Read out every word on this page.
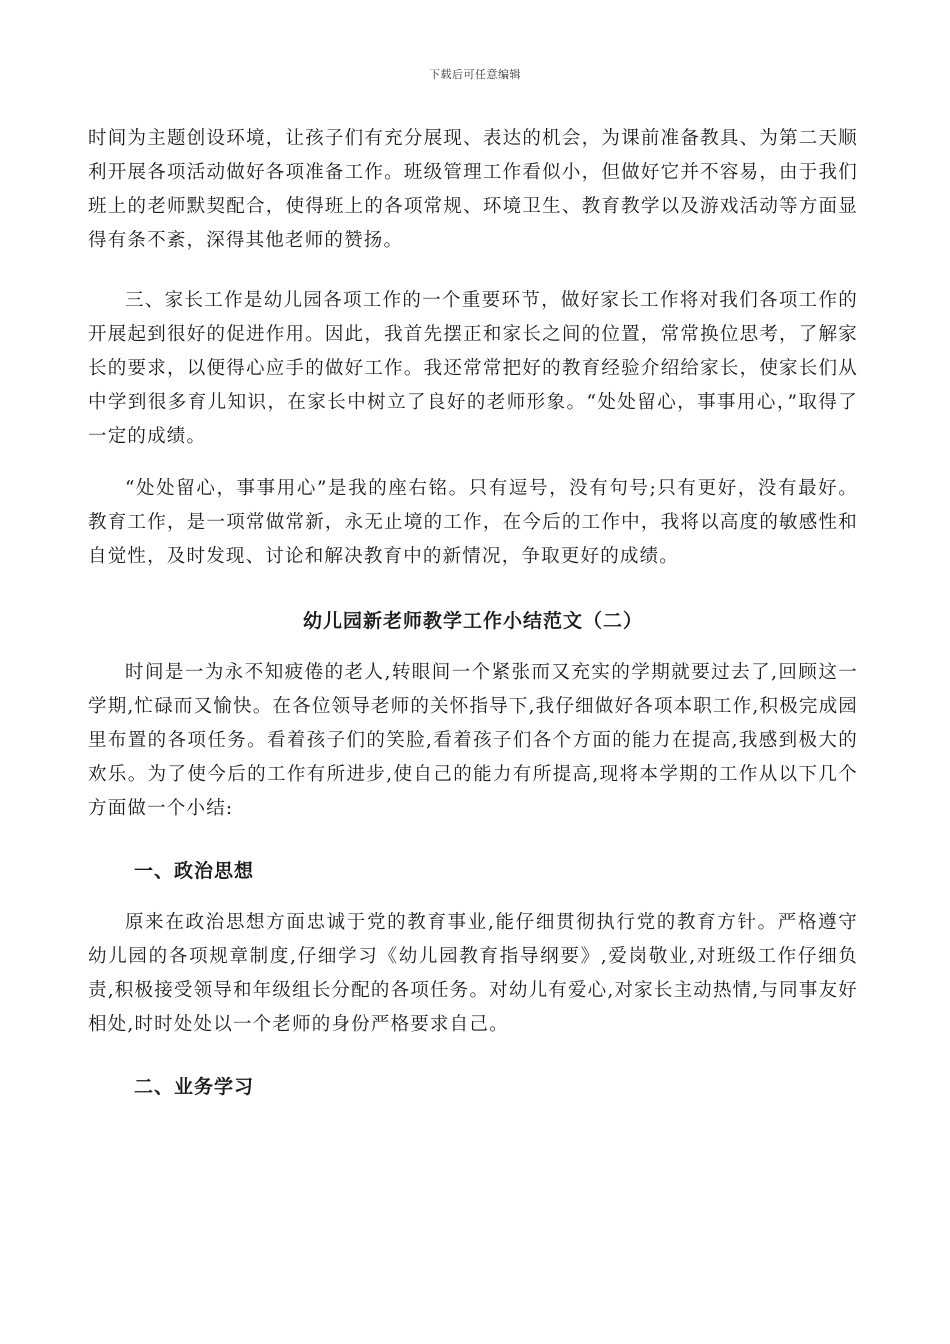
下载后可任意编辑

时间为主题创设环境，让孩子们有充分展现、表达的机会，为课前准备教具、为第二天顺利开展各项活动做好各项准备工作。班级管理工作看似小，但做好它并不容易，由于我们班上的老师默契配合，使得班上的各项常规、环境卫生、教育教学以及游戏活动等方面显得有条不紊，深得其他老师的赞扬。

三、家长工作是幼儿园各项工作的一个重要环节，做好家长工作将对我们各项工作的开展起到很好的促进作用。因此，我首先摆正和家长之间的位置，常常换位思考，了解家长的要求，以便得心应手的做好工作。我还常常把好的教育经验介绍给家长，使家长们从中学到很多育儿知识，在家长中树立了良好的老师形象。“处处留心，事事用心，”取得了一定的成绩。

“处处留心，事事用心”是我的座右铭。只有逗号，没有句号;只有更好，没有最好。教育工作，是一项常做常新，永无止境的工作，在今后的工作中，我将以高度的敏感性和自觉性，及时发现、讨论和解决教育中的新情况，争取更好的成绩。

幼儿园新老师教学工作小结范文（二）

时间是一为永不知疲倦的老人,转眼间一个紧张而又充实的学期就要过去了,回顾这一学期,忙碌而又愉快。在各位领导老师的关怀指导下,我仔细做好各项本职工作,积极完成园里布置的各项任务。看着孩子们的笑脸,看着孩子们各个方面的能力在提高,我感到极大的欢乐。为了使今后的工作有所进步,使自己的能力有所提高,现将本学期的工作从以下几个方面做一个小结:

一、政治思想

原来在政治思想方面忠诚于党的教育事业,能仔细贯彻执行党的教育方针。严格遵守幼儿园的各项规章制度,仔细学习《幼儿园教育指导纲要》,爱岗敬业,对班级工作仔细负责,积极接受领导和年级组长分配的各项任务。对幼儿有爱心,对家长主动热情,与同事友好相处,时时处处以一个老师的身份严格要求自己。

二、业务学习
